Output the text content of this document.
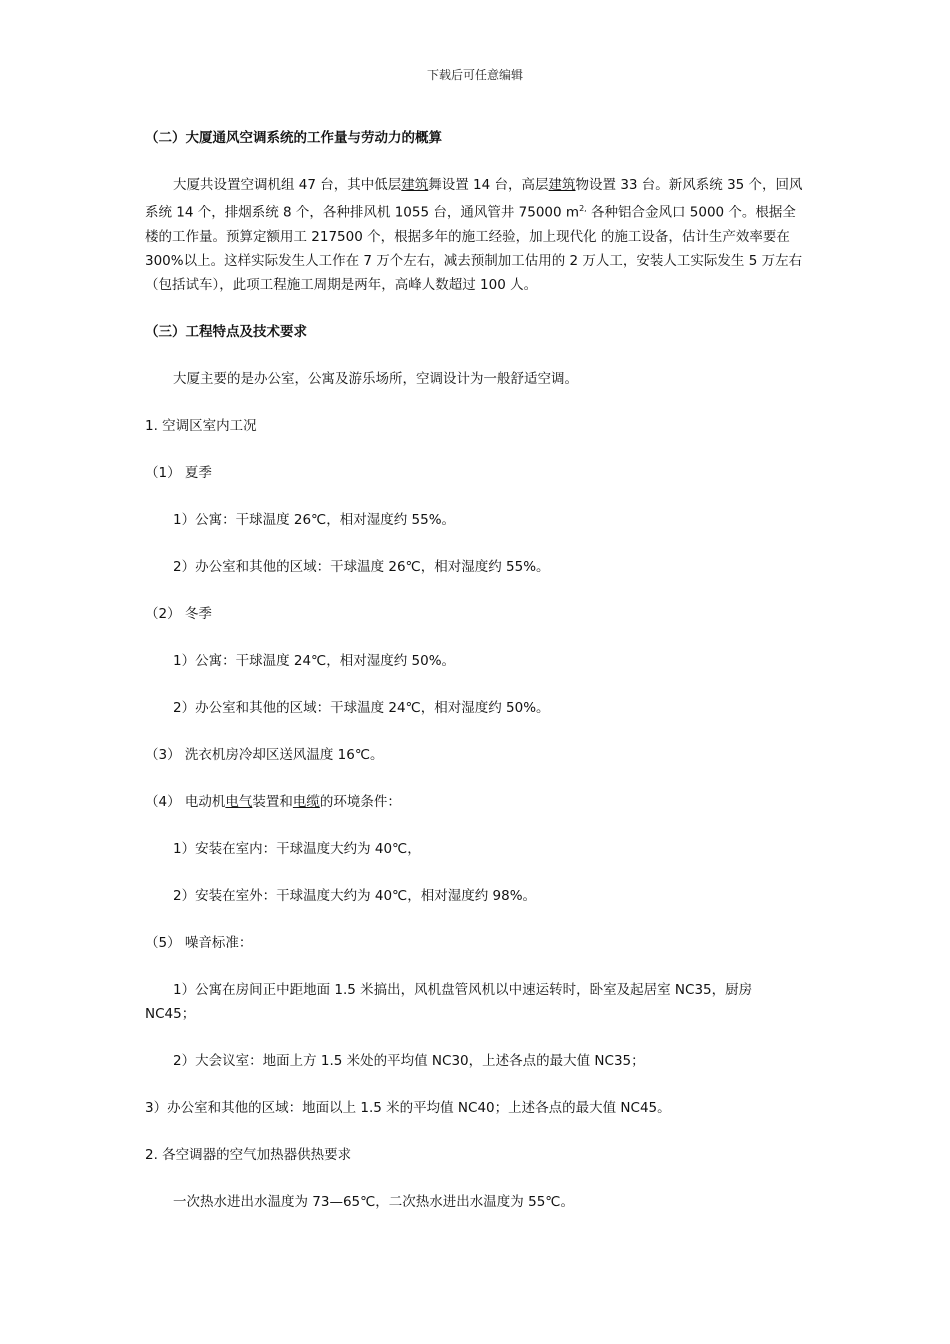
下载后可任意编辑

（二）大厦通风空调系统的工作量与劳动力的概算

大厦共设置空调机组 47 台，其中低层建筑舞设置 14 台，高层建筑物设置 33 台。新风系统 35 个，回风系统 14 个，排烟系统 8 个，各种排风机 1055 台，通风管井 75000 $m^{2,}$ 各种铝合金风口 5000 个。根据全楼的工作量。预算定额用工 217500 个，根据多年的施工经验，加上现代化 的施工设备，估计生产效率要在 300%以上。这样实际发生人工作在 7 万个左右，减去预制加工估用的 2 万人工，安装人工实际发生 5 万左右（包括试车），此项工程施工周期是两年，高峰人数超过 100 人。

（三）工程特点及技术要求

大厦主要的是办公室，公寓及游乐场所，空调设计为一般舒适空调。

1. 空调区室内工况

（1） 夏季

1）公寓：干球温度 26℃，相对湿度约 55%。

2）办公室和其他的区域：干球温度 26℃，相对湿度约 55%。

（2） 冬季

1）公寓：干球温度 24℃，相对湿度约 50%。

2）办公室和其他的区域：干球温度 24℃，相对湿度约 50%。

（3） 洗衣机房冷却区送风温度 16℃。

（4） 电动机电气装置和电缆的环境条件：

1）安装在室内：干球温度大约为 40℃，

2）安装在室外：干球温度大约为 40℃，相对湿度约 98%。

（5） 噪音标准：

1）公寓在房间正中距地面 1.5 米搞出，风机盘管风机以中速运转时，卧室及起居室 NC35，厨房 NC45；

2）大会议室：地面上方 1.5 米处的平均值 NC30，上述各点的最大值 NC35；

3）办公室和其他的区域：地面以上 1.5 米的平均值 NC40；上述各点的最大值 NC45。

2. 各空调器的空气加热器供热要求

一次热水进出水温度为 73—65℃，二次热水进出水温度为 55℃。
